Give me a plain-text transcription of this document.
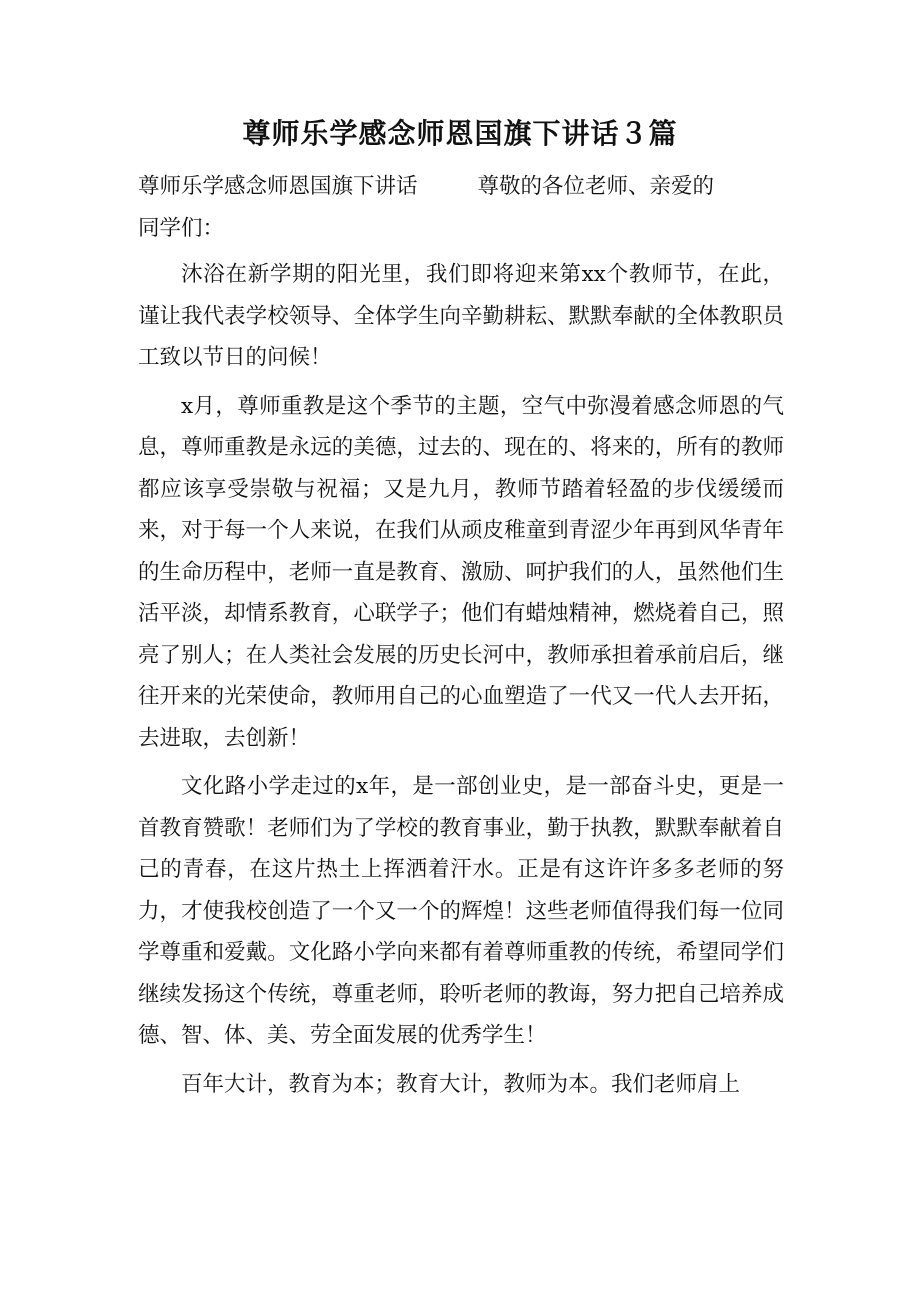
尊师乐学感念师恩国旗下讲话３篇

尊师乐学感念师恩国旗下讲话	尊敬的各位老师、亲爱的

同学们：

沐浴在新学期的阳光里，我们即将迎来第xx个教师节，在此，谨让我代表学校领导、全体学生向辛勤耕耘、默默奉献的全体教职员工致以节日的问候！

x月，尊师重教是这个季节的主题，空气中弥漫着感念师恩的气息，尊师重教是永远的美德，过去的、现在的、将来的，所有的教师都应该享受崇敬与祝福；又是九月，教师节踏着轻盈的步伐缓缓而来，对于每一个人来说，在我们从顽皮稚童到青涩少年再到风华青年的生命历程中，老师一直是教育、激励、呵护我们的人，虽然他们生活平淡，却情系教育，心联学子；他们有蜡烛精神，燃烧着自己，照亮了别人；在人类社会发展的历史长河中，教师承担着承前启后，继往开来的光荣使命，教师用自己的心血塑造了一代又一代人去开拓，去进取，去创新！

文化路小学走过的x年，是一部创业史，是一部奋斗史，更是一首教育赞歌！老师们为了学校的教育事业，勤于执教，默默奉献着自己的青春，在这片热土上挥洒着汗水。正是有这许许多多老师的努力，才使我校创造了一个又一个的辉煌！这些老师值得我们每一位同学尊重和爱戴。文化路小学向来都有着尊师重教的传统，希望同学们继续发扬这个传统，尊重老师，聆听老师的教诲，努力把自己培养成德、智、体、美、劳全面发展的优秀学生！

百年大计，教育为本；教育大计，教师为本。我们老师肩上
